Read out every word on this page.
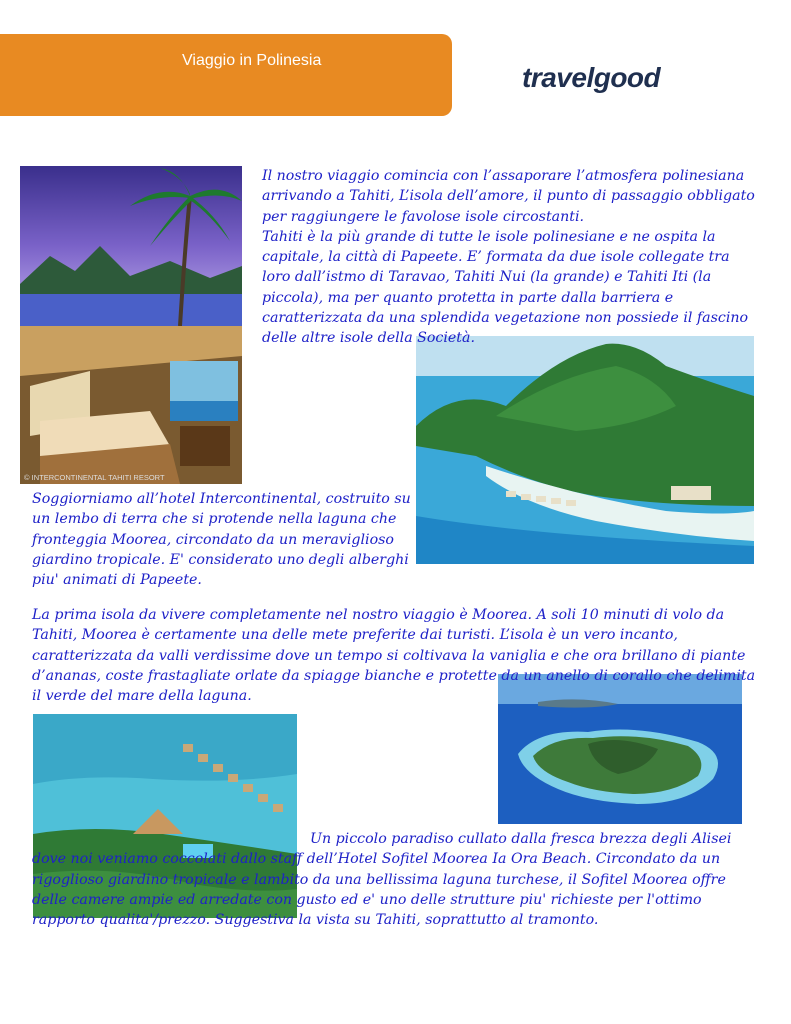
Viaggio in Polinesia
travelgood
© INTERCONTINENTAL TAHITI RESORT
Il nostro viaggio comincia con l’assaporare l’atmosfera polinesiana arrivando a Tahiti, L’isola dell’amore, il punto di passaggio obbligato per raggiungere le favolose isole circostanti.
Tahiti è la più grande di tutte le isole polinesiane e ne ospita la capitale, la città di Papeete. E’ formata da due isole collegate tra loro dall’istmo di Taravao, Tahiti Nui (la grande) e Tahiti Iti (la piccola), ma per quanto protetta in parte dalla barriera e caratterizzata da una splendida vegetazione non possiede il fascino delle altre isole della Società.
Soggiorniamo all’hotel Intercontinental, costruito su un lembo di terra che si protende nella laguna che fronteggia Moorea, circondato da un meraviglioso giardino tropicale. E' considerato uno degli alberghi piu' animati di Papeete.
La prima isola da vivere completamente nel nostro viaggio è Moorea. A soli 10 minuti di volo da Tahiti, Moorea è certamente una delle mete preferite dai turisti. L’isola è un vero incanto, caratterizzata da valli verdissime dove un tempo si coltivava la vaniglia e che ora brillano di piante d’ananas, coste frastagliate orlate da spiagge bianche e protette da un anello di corallo che delimita il verde del mare della laguna.
Un piccolo paradiso cullato dalla fresca brezza degli Alisei dove noi veniamo coccolati dallo staff dell’Hotel Sofitel Moorea Ia Ora Beach. Circondato da un rigoglioso giardino tropicale e lambito da una bellissima laguna turchese, il Sofitel Moorea offre delle camere ampie ed arredate con gusto ed e' uno delle strutture piu' richieste per l'ottimo rapporto qualita'/prezzo. Suggestiva la vista su Tahiti, soprattutto al tramonto.
